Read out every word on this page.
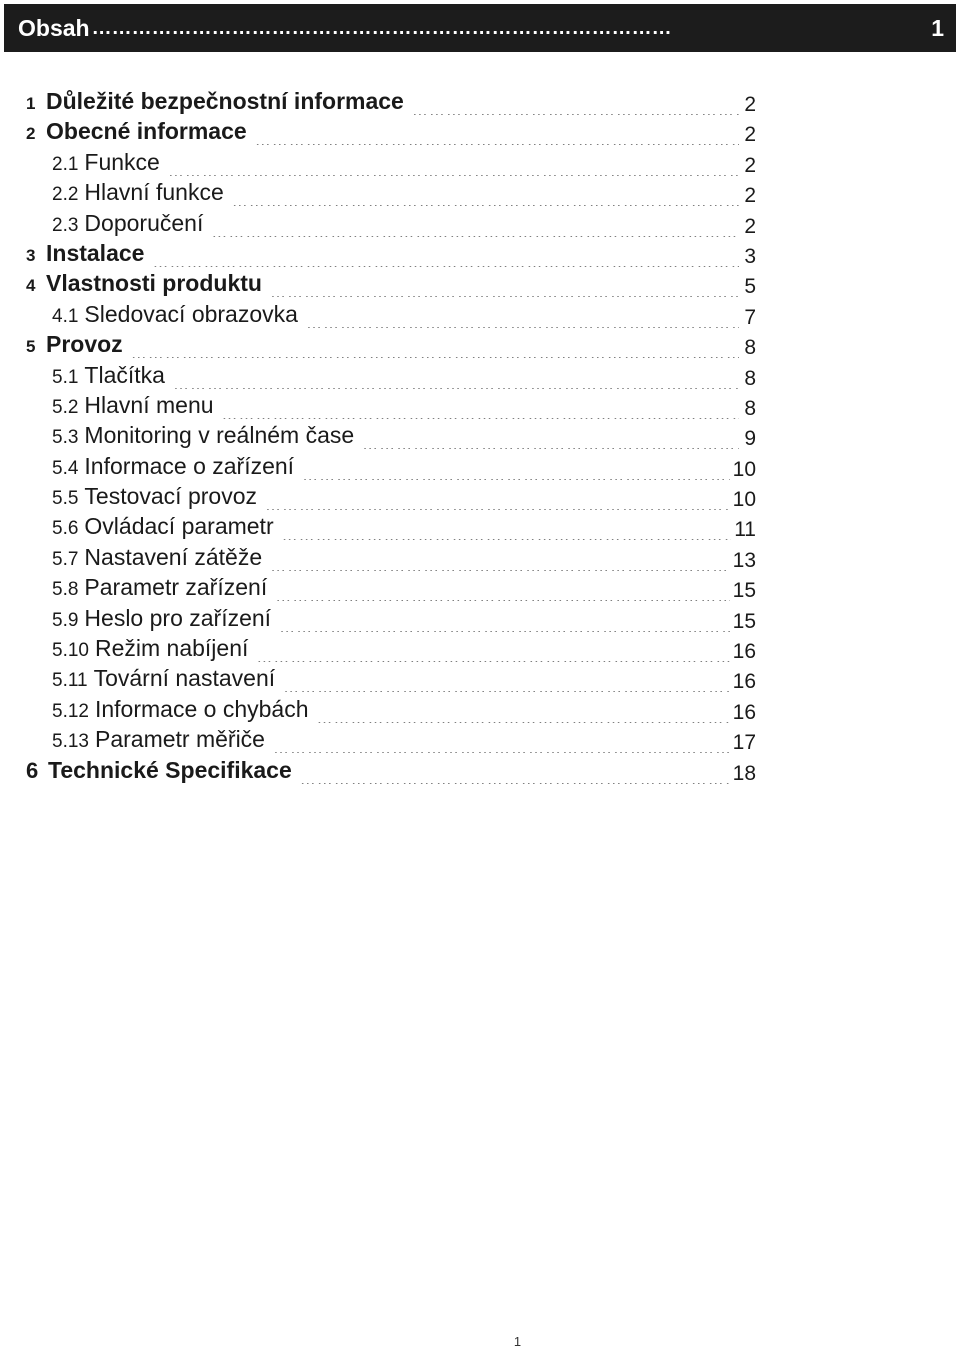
Obsah ……………………………………………………………………………	1
1 Důležité bezpečnostní informace ……………………………………………………………………………………………………………………………	2
2 Obecné informace ……………………………………………………………………………………………………………………………	2
2.1 Funkce ……………………………………………………………………………………………………………………………	2
2.2 Hlavní funkce ……………………………………………………………………………………………………………………………	2
2.3 Doporučení ……………………………………………………………………………………………………………………………	2
3 Instalace ……………………………………………………………………………………………………………………………	3
4 Vlastnosti produktu ……………………………………………………………………………………………………………………………	5
4.1 Sledovací obrazovka ……………………………………………………………………………………………………………………………	7
5 Provoz ……………………………………………………………………………………………………………………………	8
5.1 Tlačítka ……………………………………………………………………………………………………………………………	8
5.2 Hlavní menu ……………………………………………………………………………………………………………………………	8
5.3 Monitoring v reálném čase ……………………………………………………………………………………………………………………………	9
5.4 Informace o zařízení ……………………………………………………………………………………………………………………………	10
5.5 Testovací provoz ……………………………………………………………………………………………………………………………	10
5.6 Ovládací parametr ……………………………………………………………………………………………………………………………	11
5.7 Nastavení zátěže ……………………………………………………………………………………………………………………………	13
5.8 Parametr zařízení ……………………………………………………………………………………………………………………………	15
5.9 Heslo pro zařízení ……………………………………………………………………………………………………………………………	15
5.10 Režim nabíjení ……………………………………………………………………………………………………………………………	16
5.11 Tovární nastavení ……………………………………………………………………………………………………………………………	16
5.12 Informace o chybách ……………………………………………………………………………………………………………………………	16
5.13 Parametr měřiče ……………………………………………………………………………………………………………………………	17
6 Technické Specifikace ……………………………………………………………………………………………………………………………	18
1
